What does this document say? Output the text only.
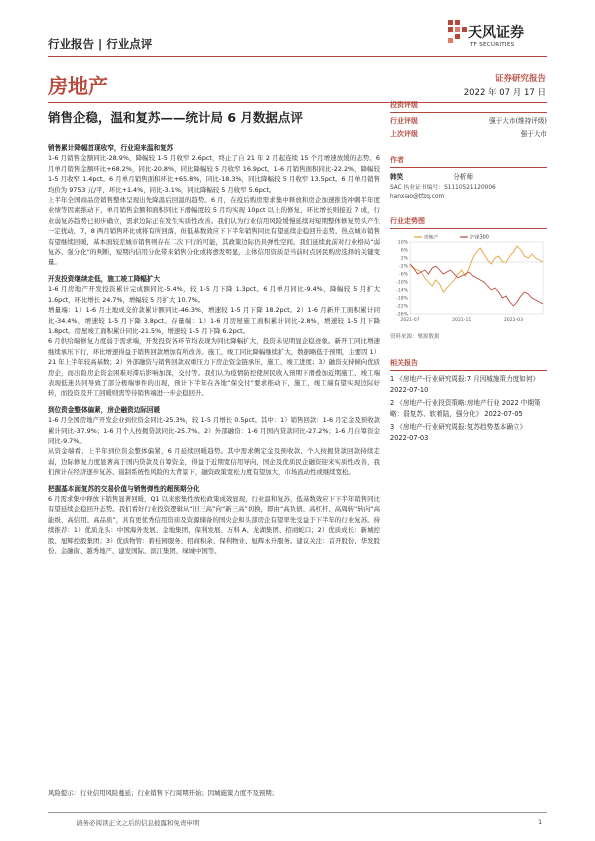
行业报告 | 行业点评
天风证券
TF SECURITIES
房地产	证券研究报告
2022 年 07 月 17 日
销售企稳，温和复苏——统计局 6 月数据点评
销售累计降幅首现收窄，行业迎来温和复苏
1-6 月销售金额同比-28.9%，降幅较 1-5 月收窄 2.6pct，终止了自 21 年 2 月起连续 15 个月增速放缓的态势。6 月单月销售金额环比+68.2%，同比-20.8%，同比降幅较 5 月收窄 16.9pct。1-6 月销售面积同比-22.2%，降幅较 1-5 月收窄 1.4pct。6 月单月销售面积环比+65.8%，同比-18.3%，同比降幅较 5 月收窄 13.5pct。6 月单月销售均价为 9753 元/平，环比+1.4%，同比-3.1%，同比降幅较 5 月收窄 5.6pct。
上半年全国商品房销售整体呈现出先降温后回温的趋势。6 月，在疫后购房需求集中释放和房企加速推货冲刺半年度业绩等因素推动下，单月销售金额和面积同比下滑幅度较 5 月均实现 10pct 以上的修复，环比增长则接近 7 成，行业弱复苏趋势已初步确立，需求边际正在发生实质性改善。我们认为行业信用风险缓慢延续对短期整体修复势头产生一定扰动，7、8 两月销售环比或将有所回落，但低基数效应下下半年销售同比有望延续企稳回升态势，热点城市销售有望继续回暖，基本面较差城市销售则存在二次下行的可能，其政策边际仍具弹性空间。我们延续此前对行业格局“弱复苏、强分化”的判断，短期内信用分化带来销售分化或将愈发明显，主体信用资质是当前时点居民购房选择的关键变量。
开发投资继续走低，施工竣工降幅扩大
1-6 月房地产开发投资累计完成额同比-5.4%，较 1-5 月下降 1.3pct。6 月单月同比-9.4%，降幅较 5 月扩大 1.6pct，环比增长 24.7%，增幅较 5 月扩大 10.7%。
增量端：1）1-6 月土地成交价款累计额同比-46.3%，增速较 1-5 月下降 18.2pct。2）1-6 月新开工面积累计同比-34.4%，增速较 1-5 月下降 3.8pct。存量端：1）1-6 月房屋施工面积累计同比-2.8%，增速较 1-5 月下降 1.8pct。房屋竣工面积累计同比-21.5%，增速较 1-5 月下降 6.2pct。
6 月供给端修复力度弱于需求端，开发投资各环节均表现为同比降幅扩大，投资未见明显企稳迹象。新开工同比增速继续承压下行，环比增速得益于销售回款增加有所改善。施工、竣工同比降幅继续扩大，数据略低于预期，主要因 1）21 年上半年较高基数；2）外部融资与销售回款双重压力下房企资金链承压，施工、竣工进度；3）融资支持倾向优质房企，而出险房企资金困难对滞后影响加深，交付等。我们认为疫情防控使居民收入预期下滑叠加近期施工、竣工端表现低迷共同导致了部分极端事件的出现，预计下半年在各地“保交付”要求推动下，施工、竣工端有望实现边际好转，而投资及开工回暖则需等待销售端进一步企稳回升。
到位资金整体偏紧，房企融资边际回暖
1-6 月全国房地产开发企业到位资金同比-25.3%，较 1-5 月增长 0.5pct。其中：1）销售回款：1-6 月定金及预收款累计同比-37.9%；1-6 月个人按揭贷款同比-25.7%。2）外部融资：1-6 月国内贷款同比-27.2%；1-6 月自筹资金同比-9.7%。
从资金端看，上半年到位资金整体偏紧，6 月延续回暖趋势。其中需求侧定金及预收款、个人按揭贷款回款持续走弱，边际修复力度显著高于国内贷款及自筹资金，得益于近期宽信用导向，国企及优质民企融资迎来实质性改善，我们预计在经济逐步复苏、遏制系统性风险的大背景下，融资政策宽松力度有望加大，市场流动性或继续宽松。
把握基本面复苏的交易价值与销售弹性的超预期分化
6 月需求集中释放下销售显著回暖，Q1 以来密集性放松政策成效显现，行业温和复苏，低基数效应下下半年销售同比有望延续企稳回升态势。我们看好行业投资逻辑从“旧三高”向“新三高”切换，即由“高负债、高杠杆、高周转”转向“高能级、高信用、高品质”，具有更优秀信用资质及资源储备的国央企和头部房企有望率先受益于下半年的行业复苏。持续推荐：1）优质龙头：中国海外发展、金地集团、保利发展、万科 A、龙湖集团、招商蛇口；2）优质成长：新城控股、旭辉控股集团；3）优质物管：碧桂园服务、招商积余、保利物业、旭辉永升服务。建议关注：首开股份、华发股份、金融街、越秀地产、建发国际、滨江集团、绿城中国等。
投资评级
行业评级	强于大市(维持评级)
上次评级	强于大市
作者
韩笑	分析师
SAC 执业证书编号：S1110521120006
hanxiao@tfzq.com
行业走势图
10%
6%
2%
-2%
-6%
-10%
-14%
-18%
-22%
-26%
2021-07	2021-11	2022-03
房地产	沪深300
资料来源：聚源数据
相关报告
1 《房地产-行业研究周报:7 月因城施策力度如何》 2022-07-10
2 《房地产-行业投资策略:房地产行业 2022 中期策略：弱复苏、软着陆，强分化》 2022-07-05
3 《房地产-行业研究周报:复苏趋势基本确立》 2022-07-03
风险提示：行业信用风险蔓延；行业销售下行周期开始；因城施策力度不及预期；
请务必阅读正文之后的信息披露和免责申明	1
